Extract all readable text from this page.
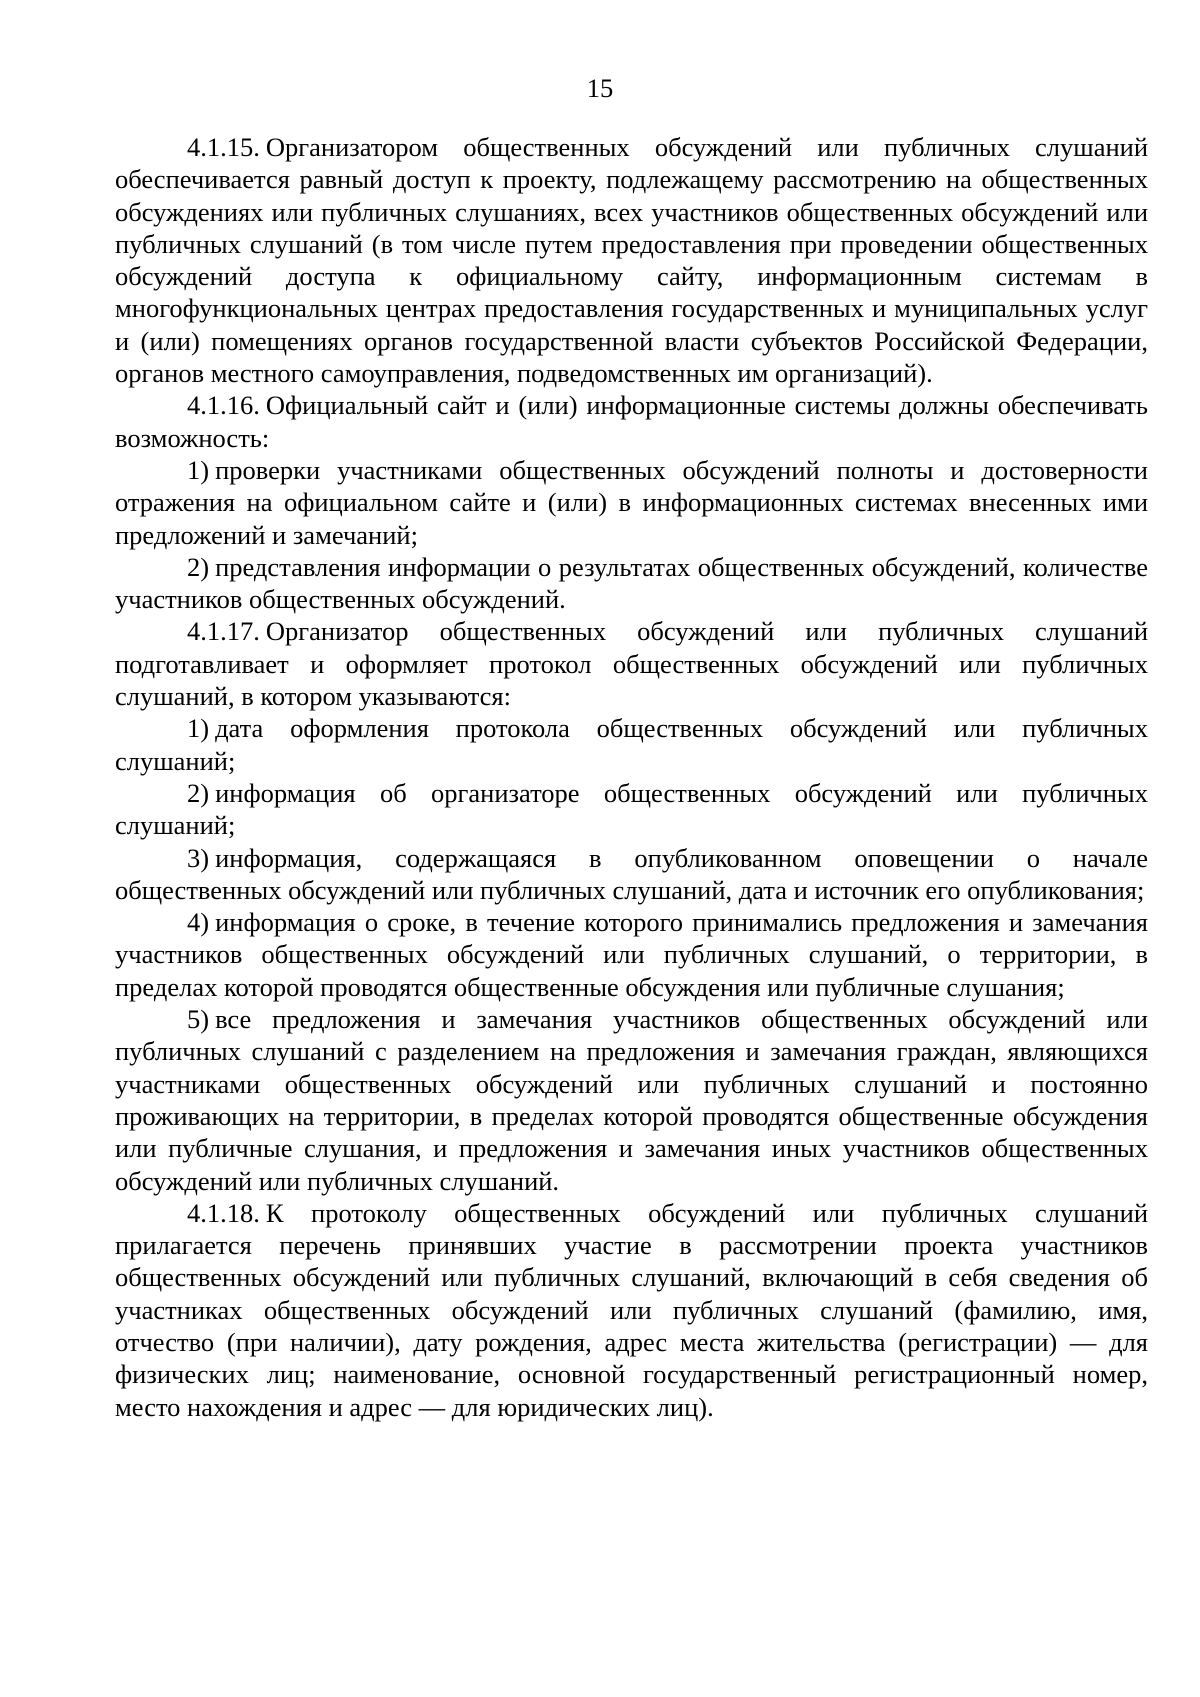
15

4.1.15. Организатором общественных обсуждений или публичных слушаний обеспечивается равный доступ к проекту, подлежащему рассмотрению на общественных обсуждениях или публичных слушаниях, всех участников общественных обсуждений или публичных слушаний (в том числе путем предоставления при проведении общественных обсуждений доступа к официальному сайту, информационным системам в многофункциональных центрах предоставления государственных и муниципальных услуг и (или) помещениях органов государственной власти субъектов Российской Федерации, органов местного самоуправления, подведомственных им организаций).

4.1.16. Официальный сайт и (или) информационные системы должны обеспечивать возможность:

1) проверки участниками общественных обсуждений полноты и достоверности отражения на официальном сайте и (или) в информационных системах внесенных ими предложений и замечаний;

2) представления информации о результатах общественных обсуждений, количестве участников общественных обсуждений.

4.1.17. Организатор общественных обсуждений или публичных слушаний подготавливает и оформляет протокол общественных обсуждений или публичных слушаний, в котором указываются:

1) дата оформления протокола общественных обсуждений или публичных слушаний;

2) информация об организаторе общественных обсуждений или публичных слушаний;

3) информация, содержащаяся в опубликованном оповещении о начале общественных обсуждений или публичных слушаний, дата и источник его опубликования;

4) информация о сроке, в течение которого принимались предложения и замечания участников общественных обсуждений или публичных слушаний, о территории, в пределах которой проводятся общественные обсуждения или публичные слушания;

5) все предложения и замечания участников общественных обсуждений или публичных слушаний с разделением на предложения и замечания граждан, являющихся участниками общественных обсуждений или публичных слушаний и постоянно проживающих на территории, в пределах которой проводятся общественные обсуждения или публичные слушания, и предложения и замечания иных участников общественных обсуждений или публичных слушаний.

4.1.18. К протоколу общественных обсуждений или публичных слушаний прилагается перечень принявших участие в рассмотрении проекта участников общественных обсуждений или публичных слушаний, включающий в себя сведения об участниках общественных обсуждений или публичных слушаний (фамилию, имя, отчество (при наличии), дату рождения, адрес места жительства (регистрации) — для физических лиц; наименование, основной государственный регистрационный номер, место нахождения и адрес — для юридических лиц).
